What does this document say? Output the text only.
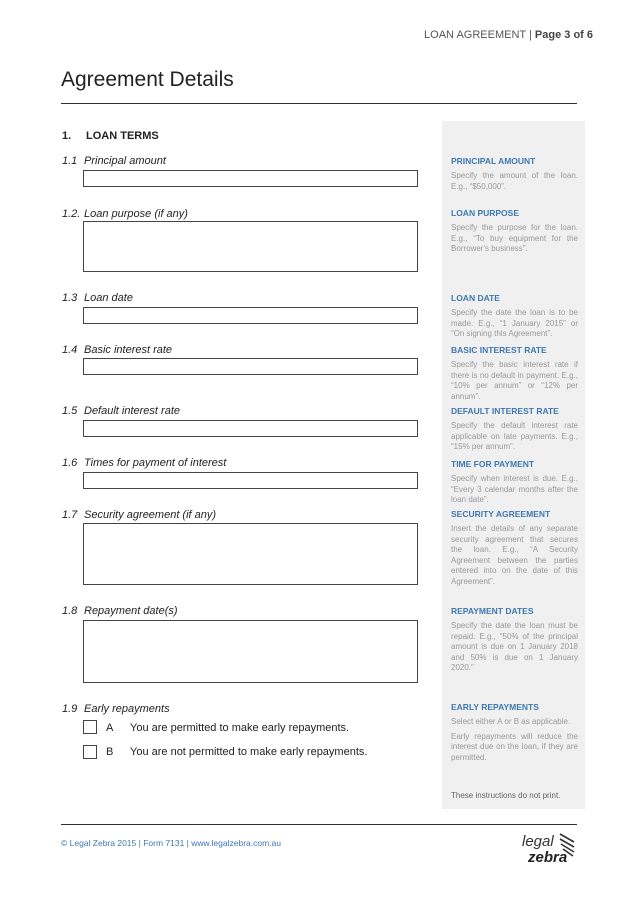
LOAN AGREEMENT | Page 3 of 6
Agreement Details
1. LOAN TERMS
1.1 Principal amount
1.2. Loan purpose (if any)
1.3 Loan date
1.4 Basic interest rate
1.5 Default interest rate
1.6 Times for payment of interest
1.7 Security agreement (if any)
1.8 Repayment date(s)
1.9 Early repayments
A You are permitted to make early repayments.
B You are not permitted to make early repayments.
PRINCIPAL AMOUNT
Specify the amount of the loan. E.g., “$50,000”.
LOAN PURPOSE
Specify the purpose for the loan. E.g., “To buy equipment for the Borrower's business”.
LOAN DATE
Specify the date the loan is to be made. E.g., “1 January 2015” or “On signing this Agreement”.
BASIC INTEREST RATE
Specify the basic interest rate if there is no default in payment. E.g., “10% per annum” or “12% per annum”.
DEFAULT INTEREST RATE
Specify the default interest rate applicable on late payments. E.g., “15% per annum”.
TIME FOR PAYMENT
Specify when interest is due. E.g., “Every 3 calendar months after the loan date”.
SECURITY AGREEMENT
Insert the details of any separate security agreement that secures the loan. E.g., “A Security Agreement between the parties entered into on the date of this Agreement”.
REPAYMENT DATES
Specify the date the loan must be repaid. E.g., “50% of the principal amount is due on 1 January 2018 and 50% is due on 1 January 2020.”
EARLY REPAYMENTS
Select either A or B as applicable.
Early repayments will reduce the interest due on the loan, if they are permitted.
These instructions do not print.
© Legal Zebra 2015 | Form 7131 | www.legalzebra.com.au	legal
zebra
